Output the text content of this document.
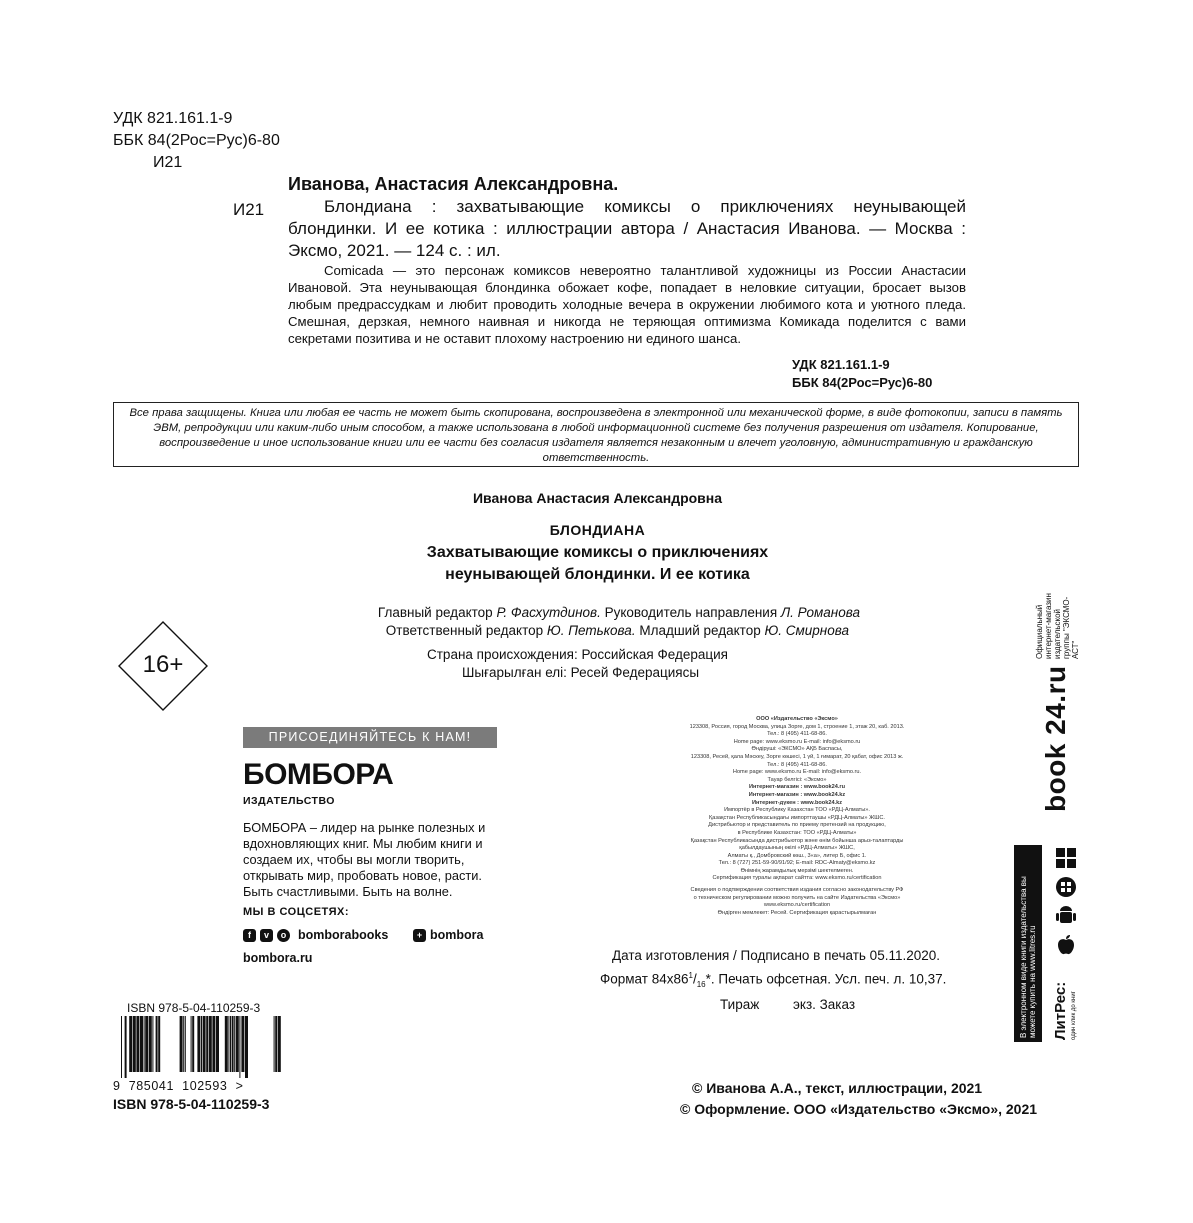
УДК 821.161.1-9
ББК 84(2Рос=Рус)6-80
И21
Иванова, Анастасия Александровна.
И21	Блондиана : захватывающие комиксы о приключениях неунывающей блондинки. И ее котика : иллюстрации автора / Анастасия Иванова. — Москва : Эксмо, 2021. — 124 с. : ил.
Comicada — это персонаж комиксов невероятно талантливой художницы из России Анастасии Ивановой. Эта неунывающая блондинка обожает кофе, попадает в неловкие ситуации, бросает вызов любым предрассудкам и любит проводить холодные вечера в окружении любимого кота и уютного пледа. Смешная, дерзкая, немного наивная и никогда не теряющая оптимизма Комикада поделится с вами секретами позитива и не оставит плохому настроению ни единого шанса.
УДК 821.161.1-9
ББК 84(2Рос=Рус)6-80
Все права защищены. Книга или любая ее часть не может быть скопирована, воспроизведена в электронной или механической форме, в виде фотокопии, записи в память ЭВМ, репродукции или каким-либо иным способом, а также использована в любой информационной системе без получения разрешения от издателя. Копирование, воспроизведение и иное использование книги или ее части без согласия издателя является незаконным и влечет уголовную, административную и гражданскую ответственность.
Иванова Анастасия Александровна
БЛОНДИАНА
Захватывающие комиксы о приключениях
неунывающей блондинки. И ее котика
Главный редактор Р. Фасхутдинов. Руководитель направления Л. Романова
Ответственный редактор Ю. Петькова. Младший редактор Ю. Смирнова
Страна происхождения: Российская Федерация
Шығарылған елі: Ресей Федерациясы
16+
ПРИСОЕДИНЯЙТЕСЬ К НАМ!
БОМБОРА
ИЗДАТЕЛЬСТВО
БОМБОРА – лидер на рынке полезных и вдохновляющих книг. Мы любим книги и создаем их, чтобы вы могли творить, открывать мир, пробовать новое, расти. Быть счастливыми. Быть на волне.
МЫ В СОЦСЕТЯХ:
f	v	o bomborabooks	+ bombora
bombora.ru
ООО «Издательство «Эксмо»
123308, Россия, город Москва, улица Зорге, дом 1, строение 1, этаж 20, каб. 2013.
Тел.: 8 (495) 411-68-86.
Home page: www.eksmo.ru E-mail: info@eksmo.ru
Өндіруші: «ЭКСМО» АҚБ Баспасы,
123308, Ресей, қала Мәскеу, Зорге көшесі, 1 үй, 1 ғимарат, 20 қабат, офис 2013 ж.
Тел.: 8 (495) 411-68-86.
Home page: www.eksmo.ru E-mail: info@eksmo.ru.
Тауар белгісі: «Эксмо»
Интернет-магазин : www.book24.ru
Интернет-магазин : www.book24.kz
Интернет-дүкен : www.book24.kz
Импортёр в Республику Казахстан ТОО «РДЦ-Алматы».
Қазақстан Республикасындағы импорттаушы «РДЦ-Алматы» ЖШС.
Дистрибьютор и представитель по приему претензий на продукцию,
в Республике Казахстан: ТОО «РДЦ-Алматы»
Қазақстан Республикасында дистрибьютор және өнім бойынша арыз-талаптарды
қабылдаушының өкілі «РДЦ-Алматы» ЖШС,
Алматы қ., Домбровский көш., 3«а», литер Б, офис 1.
Тел.: 8 (727) 251-59-90/91/92; E-mail: RDC-Almaty@eksmo.kz
Өнімнің жарамдылық мерзімі шектелмеген.
Сертификация туралы ақпарат сайтта: www.eksmo.ru/certification
Сведения о подтверждении соответствия издания согласно законодательству РФ
о техническом регулировании можно получить на сайте Издательства «Эксмо»
www.eksmo.ru/certification
Өндірген мемлекет: Ресей. Сертификация қарастырылмаған
Дата изготовления / Подписано в печать 05.11.2020.
Формат $84x86^1/_{16}*$. Печать офсетная. Усл. печ. л. 10,37.
Тираж         экз. Заказ
ISBN 978-5-04-110259-3
9  785041  102593  >
ISBN 978-5-04-110259-3
© Иванова А.А., текст, иллюстрации, 2021
© Оформление. ООО «Издательство «Эксмо», 2021
Официальный интернет-магазин издательской группы "ЭКСМО-АСТ"
book 24.ru
В электронном виде книги издательства вы можете купить на www.litres.ru
ЛитРес: один клик до книг
